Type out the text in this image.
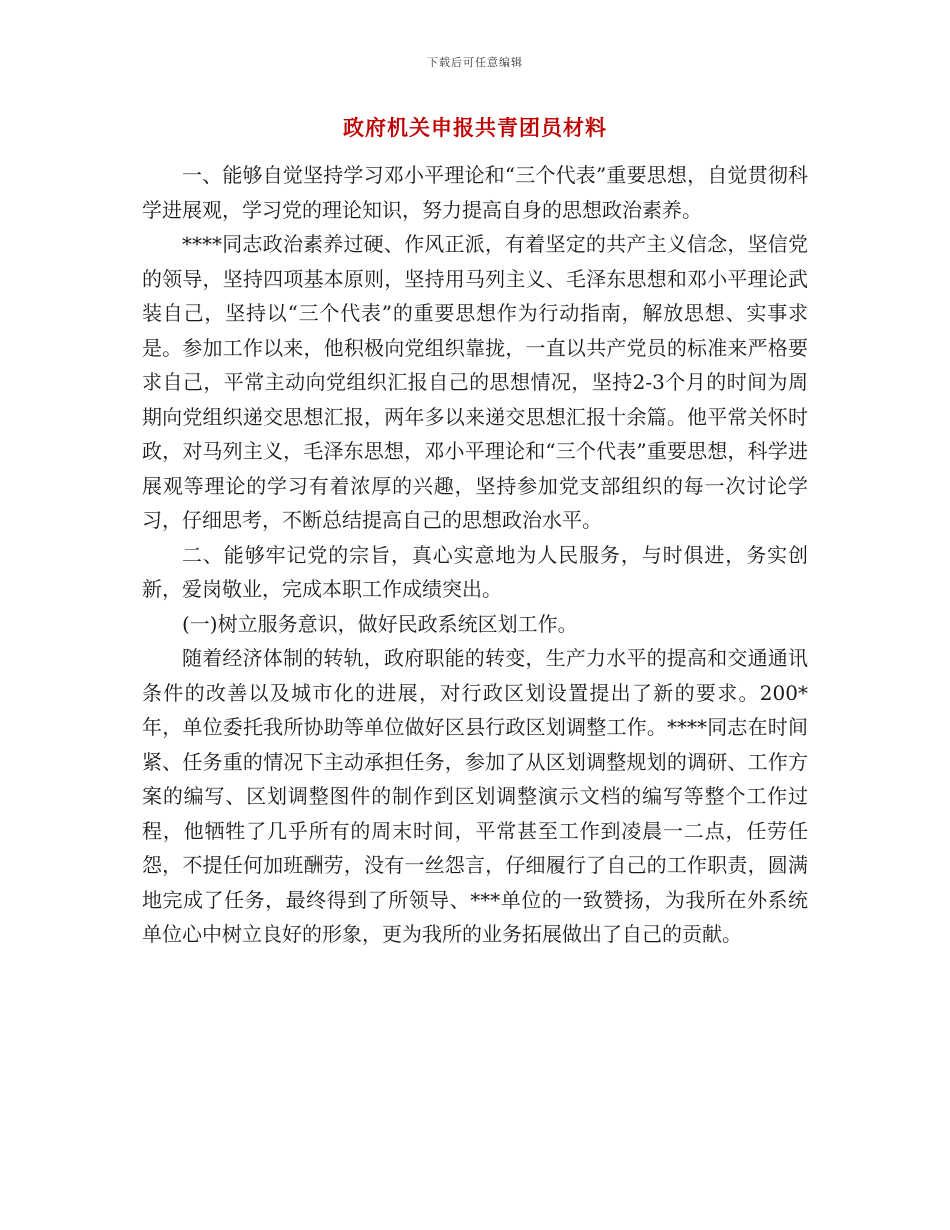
下载后可任意编辑
政府机关申报共青团员材料

一、能够自觉坚持学习邓小平理论和“三个代表”重要思想，自觉贯彻科学进展观，学习党的理论知识，努力提高自身的思想政治素养。

****同志政治素养过硬、作风正派，有着坚定的共产主义信念，坚信党的领导，坚持四项基本原则，坚持用马列主义、毛泽东思想和邓小平理论武装自己，坚持以“三个代表”的重要思想作为行动指南，解放思想、实事求是。参加工作以来，他积极向党组织靠拢，一直以共产党员的标准来严格要求自己，平常主动向党组织汇报自己的思想情况，坚持2-3个月的时间为周期向党组织递交思想汇报，两年多以来递交思想汇报十余篇。他平常关怀时政，对马列主义，毛泽东思想，邓小平理论和“三个代表”重要思想，科学进展观等理论的学习有着浓厚的兴趣，坚持参加党支部组织的每一次讨论学习，仔细思考，不断总结提高自己的思想政治水平。

二、能够牢记党的宗旨，真心实意地为人民服务，与时俱进，务实创新，爱岗敬业，完成本职工作成绩突出。

(一)树立服务意识，做好民政系统区划工作。

随着经济体制的转轨，政府职能的转变，生产力水平的提高和交通通讯条件的改善以及城市化的进展，对行政区划设置提出了新的要求。200*年，单位委托我所协助等单位做好区县行政区划调整工作。****同志在时间紧、任务重的情况下主动承担任务，参加了从区划调整规划的调研、工作方案的编写、区划调整图件的制作到区划调整演示文档的编写等整个工作过程，他牺牲了几乎所有的周末时间，平常甚至工作到凌晨一二点，任劳任怨，不提任何加班酬劳，没有一丝怨言，仔细履行了自己的工作职责，圆满地完成了任务，最终得到了所领导、***单位的一致赞扬，为我所在外系统单位心中树立良好的形象，更为我所的业务拓展做出了自己的贡献。
